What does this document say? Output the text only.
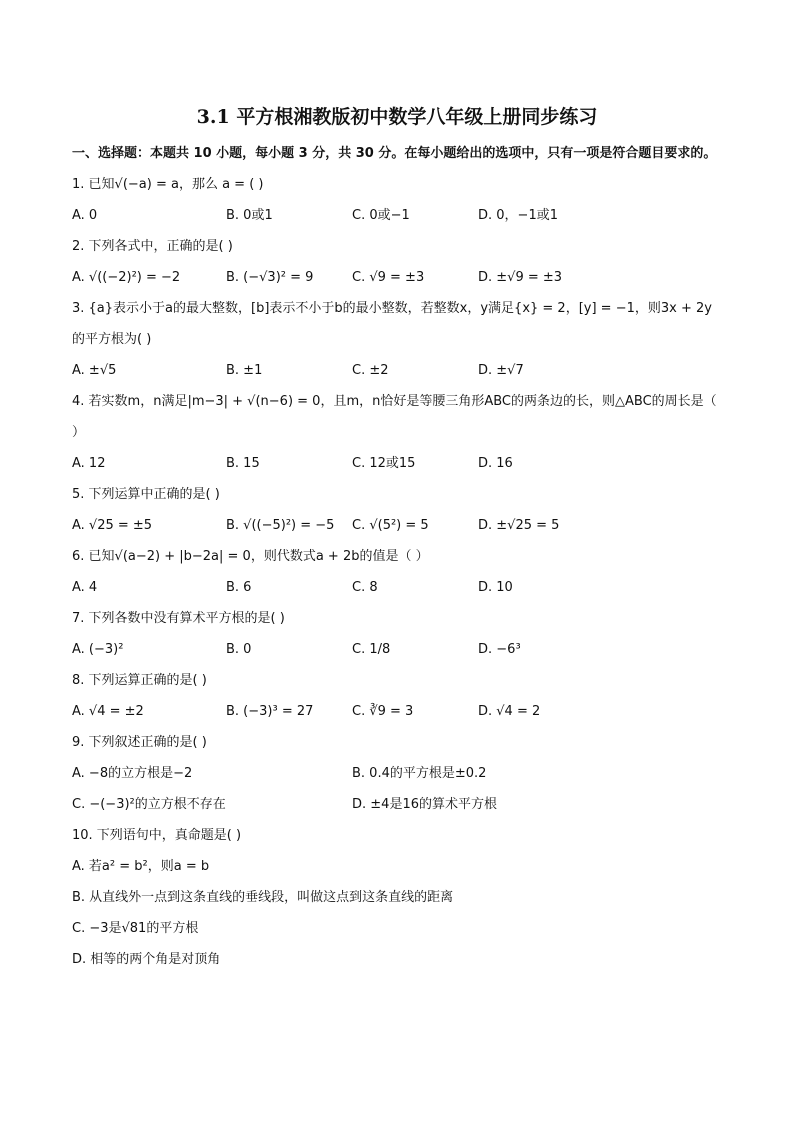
3.1 平方根湘教版初中数学八年级上册同步练习
一、选择题：本题共 10 小题，每小题 3 分，共 30 分。在每小题给出的选项中，只有一项是符合题目要求的。
1. 已知√(−a) = a，那么 a = ( )
A. 0	B. 0或1	C. 0或−1	D. 0，−1或1
2. 下列各式中，正确的是( )
A. √((−2)²) = −2	B. (−√3)² = 9	C. √9 = ±3	D. ±√9 = ±3
3. {a}表示小于a的最大整数，[b]表示不小于b的最小整数，若整数x，y满足{x} = 2，[y] = −1，则3x + 2y的平方根为( )
A. ±√5	B. ±1	C. ±2	D. ±√7
4. 若实数m，n满足|m−3| + √(n−6) = 0，且m，n恰好是等腰三角形ABC的两条边的长，则△ABC的周长是（ ）
A. 12	B. 15	C. 12或15	D. 16
5. 下列运算中正确的是( )
A. √25 = ±5	B. √((−5)²) = −5 C. √(5²) = 5	D. ±√25 = 5
6. 已知√(a−2) + |b−2a| = 0，则代数式a + 2b的值是（ ）
A. 4	B. 6	C. 8	D. 10
7. 下列各数中没有算术平方根的是( )
A. (−3)²	B. 0	C. 1/8	D. −6³
8. 下列运算正确的是( )
A. √4 = ±2	B. (−3)³ = 27	C. ∛9 = 3	D. √4 = 2
9. 下列叙述正确的是( )
A. −8的立方根是−2	B. 0.4的平方根是±0.2
C. −(−3)²的立方根不存在	D. ±4是16的算术平方根
10. 下列语句中，真命题是( )
A. 若a² = b²，则a = b
B. 从直线外一点到这条直线的垂线段，叫做这点到这条直线的距离
C. −3是√81的平方根
D. 相等的两个角是对顶角
